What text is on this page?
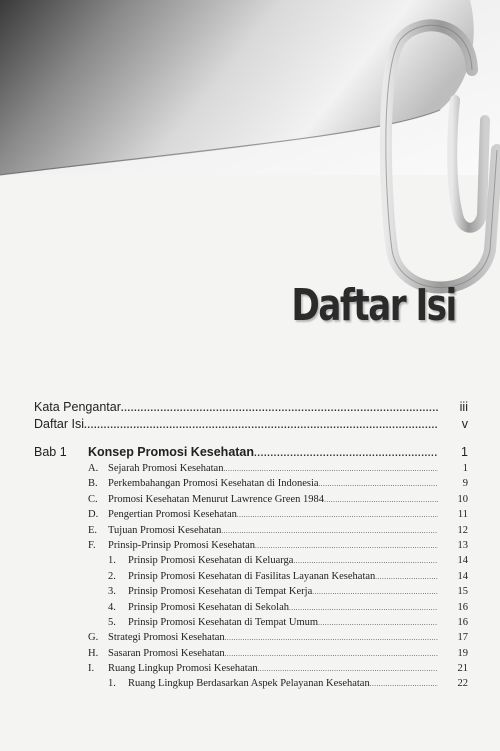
Daftar Isi
Kata Pengantar .....	iii
Daftar Isi .....	v
Bab 1 Konsep Promosi Kesehatan .....	1
A. Sejarah Promosi Kesehatan .....	1
B. Perkembahangan Promosi Kesehatan di Indonesia .....	9
C. Promosi Kesehatan Menurut Lawrence Green 1984 .....	10
D. Pengertian Promosi Kesehatan .....	11
E. Tujuan Promosi Kesehatan .....	12
F. Prinsip-Prinsip Promosi Kesehatan .....	13
1. Prinsip Promosi Kesehatan di Keluarga .....	14
2. Prinsip Promosi Kesehatan di Fasilitas Layanan Kesehatan .....	14
3. Prinsip Promosi Kesehatan di Tempat Kerja .....	15
4. Prinsip Promosi Kesehatan di Sekolah .....	16
5. Prinsip Promosi Kesehatan di Tempat Umum .....	16
G. Strategi Promosi Kesehatan .....	17
H. Sasaran Promosi Kesehatan .....	19
I. Ruang Lingkup Promosi Kesehatan .....	21
1. Ruang Lingkup Berdasarkan Aspek Pelayanan Kesehatan .....	22
